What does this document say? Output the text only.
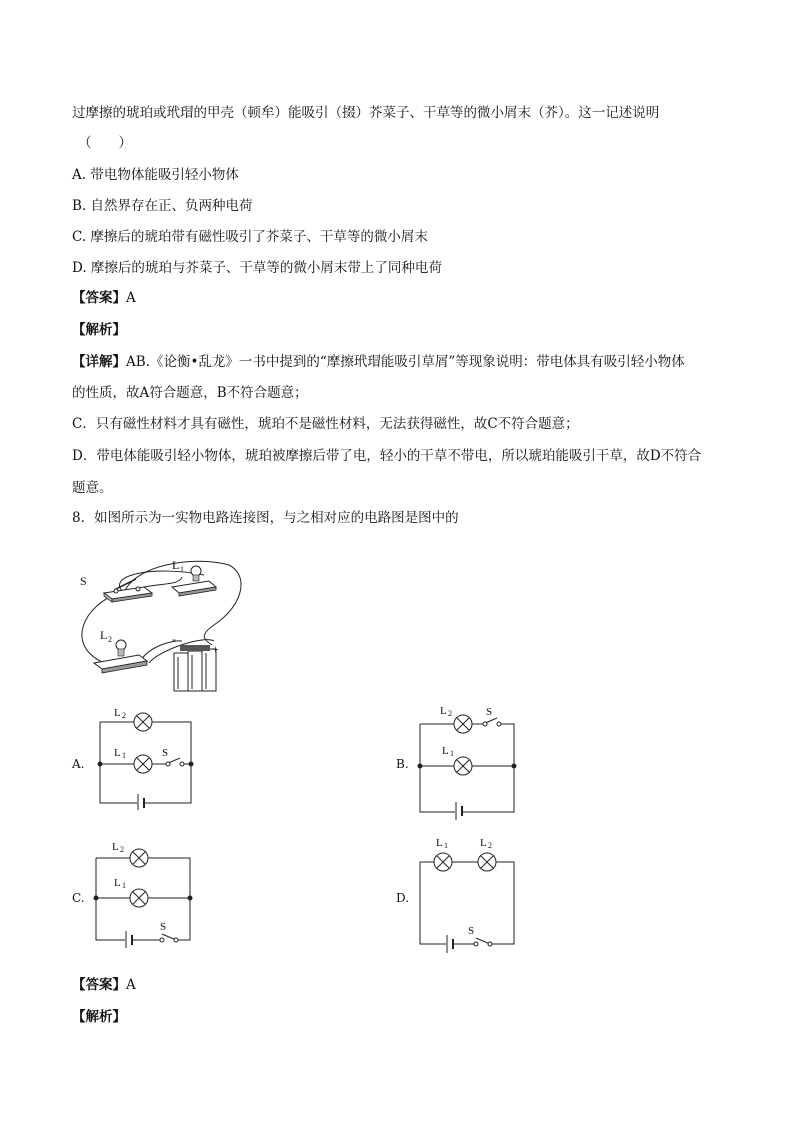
过摩擦的琥珀或玳瑁的甲壳（顿牟）能吸引（掇）芥菜子、干草等的微小屑末（芥）。这一记述说明
（　　）
A. 带电物体能吸引轻小物体
B. 自然界存在正、负两种电荷
C. 摩擦后的琥珀带有磁性吸引了芥菜子、干草等的微小屑末
D. 摩擦后的琥珀与芥菜子、干草等的微小屑末带上了同种电荷
【答案】A
【解析】
【详解】AB.《论衡•乱龙》一书中提到的“摩擦玳瑁能吸引草屑”等现象说明：带电体具有吸引轻小物体
的性质，故A符合题意，B不符合题意；
C．只有磁性材料才具有磁性，琥珀不是磁性材料，无法获得磁性，故C不符合题意；
D．带电体能吸引轻小物体，琥珀被摩擦后带了电，轻小的干草不带电，所以琥珀能吸引干草，故D不符合
题意。
8．如图所示为一实物电路连接图，与之相对应的电路图是图中的
S
L 1
L 2	-
+
A.
L 2
L 1	S
B.
L 2
L 1
S
C.
L 2
L 1
S
D.
L 1	L 2
S
【答案】A
【解析】
